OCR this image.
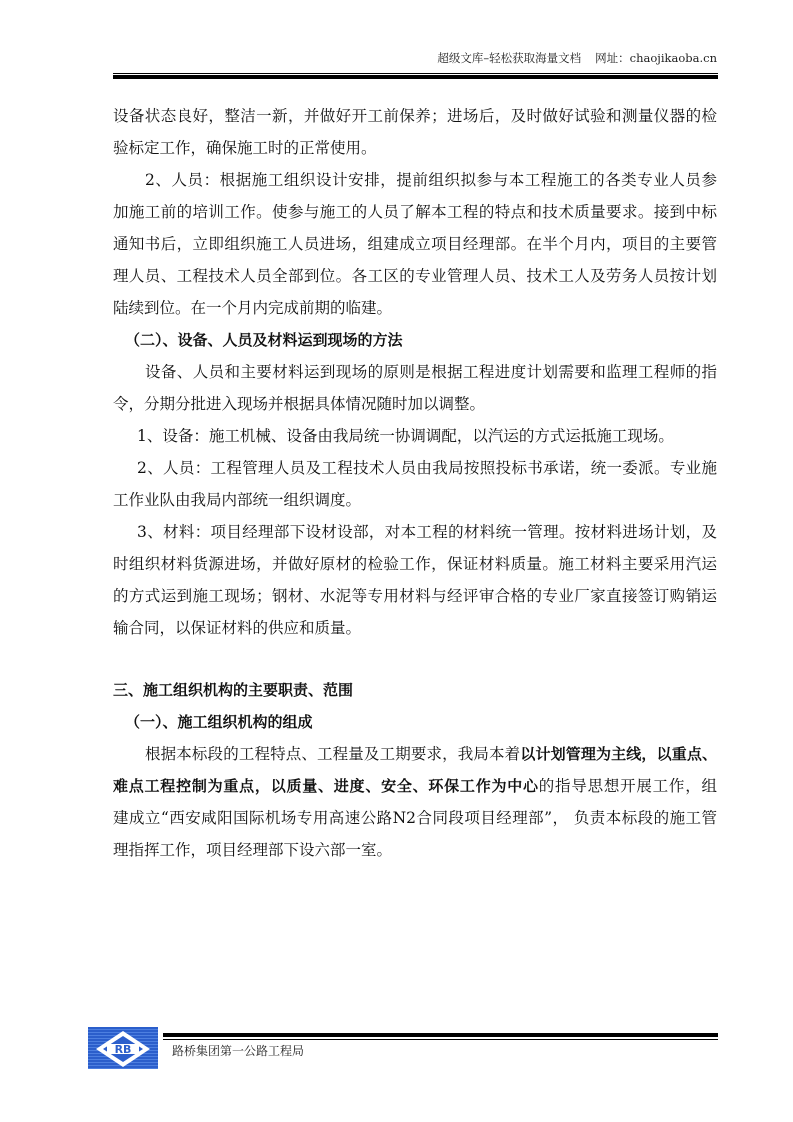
超级文库–轻松获取海量文档 网址：chaojikaoba.cn
设备状态良好，整洁一新，并做好开工前保养；进场后，及时做好试验和测量仪器的检
验标定工作，确保施工时的正常使用。
2、人员：根据施工组织设计安排，提前组织拟参与本工程施工的各类专业人员参
加施工前的培训工作。使参与施工的人员了解本工程的特点和技术质量要求。接到中标
通知书后，立即组织施工人员进场，组建成立项目经理部。在半个月内，项目的主要管
理人员、工程技术人员全部到位。各工区的专业管理人员、技术工人及劳务人员按计划
陆续到位。在一个月内完成前期的临建。
（二）、设备、人员及材料运到现场的方法
设备、人员和主要材料运到现场的原则是根据工程进度计划需要和监理工程师的指
令，分期分批进入现场并根据具体情况随时加以调整。
1、设备：施工机械、设备由我局统一协调调配，以汽运的方式运抵施工现场。
2、人员：工程管理人员及工程技术人员由我局按照投标书承诺，统一委派。专业施
工作业队由我局内部统一组织调度。
3、材料：项目经理部下设材设部，对本工程的材料统一管理。按材料进场计划，及
时组织材料货源进场，并做好原材的检验工作，保证材料质量。施工材料主要采用汽运
的方式运到施工现场；钢材、水泥等专用材料与经评审合格的专业厂家直接签订购销运
输合同，以保证材料的供应和质量。
三、施工组织机构的主要职责、范围
（一）、施工组织机构的组成
根据本标段的工程特点、工程量及工期要求，我局本着以计划管理为主线，以重点、
难点工程控制为重点，以质量、进度、安全、环保工作为中心的指导思想开展工作，组
建成立“西安咸阳国际机场专用高速公路N2合同段项目经理部”， 负责本标段的施工管
理指挥工作，项目经理部下设六部一室。
RB	路桥集团第一公路工程局
